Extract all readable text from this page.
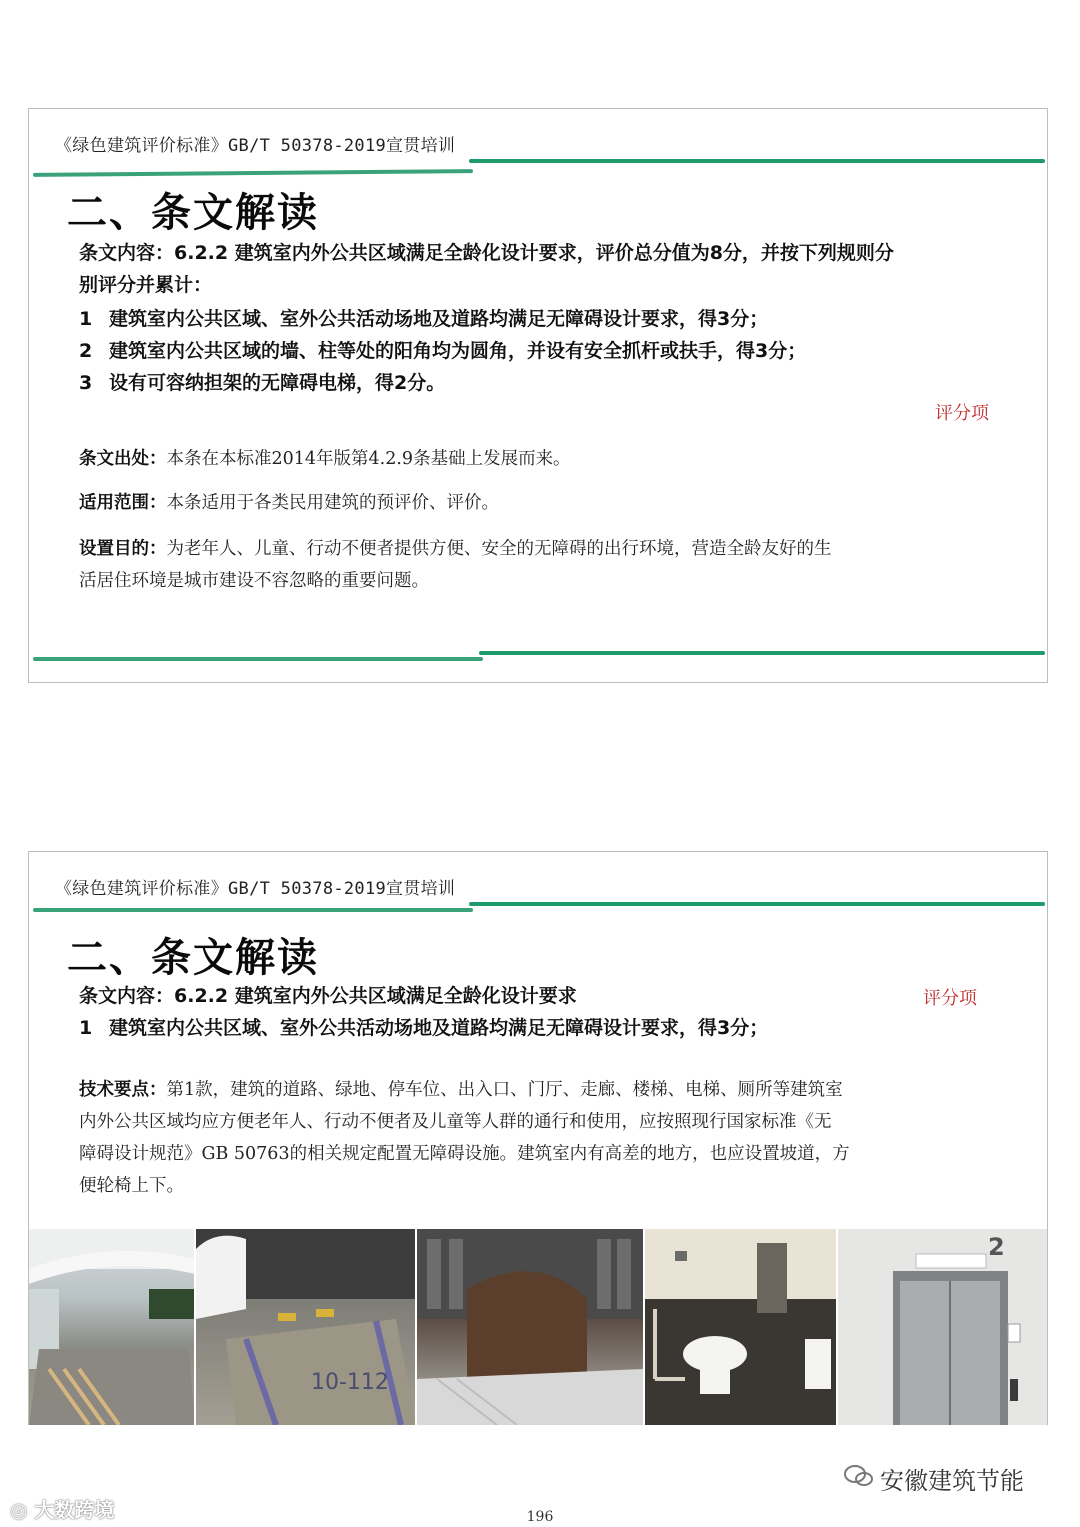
《绿色建筑评价标准》GB/T 50378-2019宣贯培训
二、条文解读
条文内容：6.2.2 建筑室内外公共区域满足全龄化设计要求，评价总分值为8分，并按下列规则分
别评分并累计：
1 建筑室内公共区域、室外公共活动场地及道路均满足无障碍设计要求，得3分；
2 建筑室内公共区域的墙、柱等处的阳角均为圆角，并设有安全抓杆或扶手，得3分；
3 设有可容纳担架的无障碍电梯，得2分。
评分项
条文出处：本条在本标准2014年版第4.2.9条基础上发展而来。
适用范围：本条适用于各类民用建筑的预评价、评价。
设置目的：为老年人、儿童、行动不便者提供方便、安全的无障碍的出行环境，营造全龄友好的生
活居住环境是城市建设不容忽略的重要问题。
《绿色建筑评价标准》GB/T 50378-2019宣贯培训
二、条文解读
条文内容：6.2.2 建筑室内外公共区域满足全龄化设计要求	评分项
1 建筑室内公共区域、室外公共活动场地及道路均满足无障碍设计要求，得3分；
技术要点：第1款，建筑的道路、绿地、停车位、出入口、门厅、走廊、楼梯、电梯、厕所等建筑室
内外公共区域均应方便老年人、行动不便者及儿童等人群的通行和使用，应按照现行国家标准《无
障碍设计规范》GB 50763的相关规定配置无障碍设施。建筑室内有高差的地方，也应设置坡道，方
便轮椅上下。
10-112
2
安徽建筑节能
◎ 大数跨境	196
